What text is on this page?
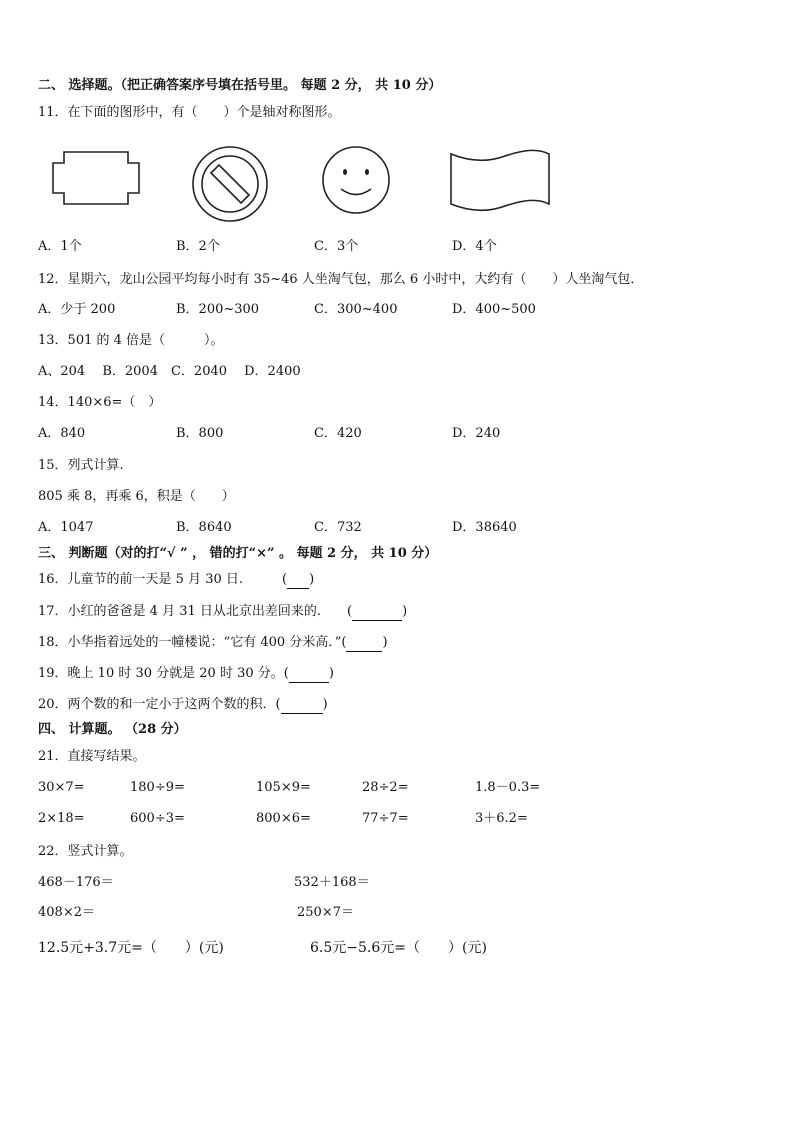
二、 选择题。（把正确答案序号填在括号里。 每题 2 分， 共 10 分）
11．在下面的图形中，有（　　）个是轴对称图形。
A．1个	B．2个	C．3个	D．4个
12．星期六，龙山公园平均每小时有 35~46 人坐淘气包，那么 6 小时中，大约有（　　）人坐淘气包．
A．少于 200	B．200~300	C．300~400	D．400~500
13．501 的 4 倍是（　　　）。
A、204　 B．2004　C．2040　 D．2400
14．140×6=（　）
A．840	B．800	C．420	D．240
15．列式计算.
805 乘 8，再乘 6，积是（　　）
A．1047	B．8640	C．732	D．38640
三、 判断题（对的打“√ ” ， 错的打“×” 。 每题 2 分， 共 10 分）
16．儿童节的前一天是 5 月 30 日.　　　( )
17．小红的爸爸是 4 月 31 日从北京出差回来的.　　(	)
18．小华指着远处的一幢楼说：“它有 400 分米高．”(	)
19．晚上 10 时 30 分就是 20 时 30 分。(	)
20．两个数的和一定小于这两个数的积．(	)
四、 计算题。 （28 分）
21．直接写结果。
30×7=	180÷9=	105×9=	28÷2=	1.8－0.3=
2×18=	600÷3=	800×6=	77÷7=	3＋6.2=
22．竖式计算。
468－176＝	532＋168＝
408×2＝	250×7＝
12.5元+3.7元=（　　）(元)	6.5元−5.6元=（　　）(元)
